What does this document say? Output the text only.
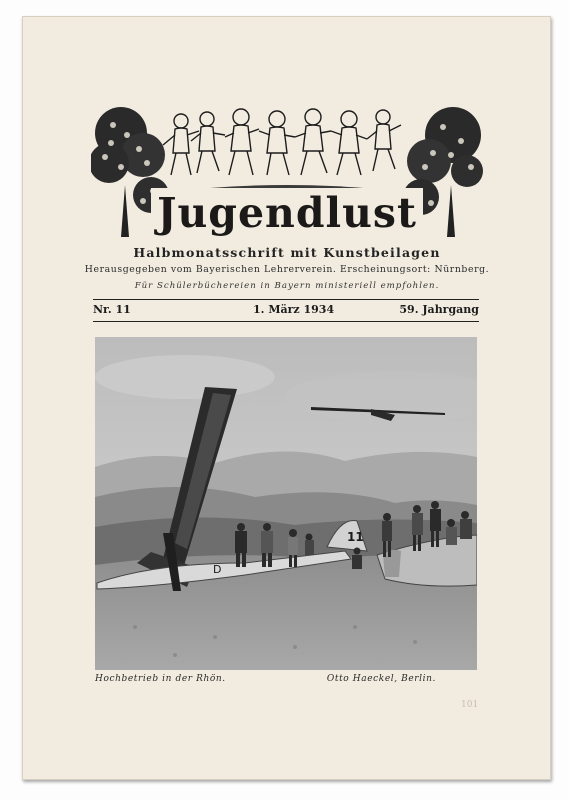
Jugendlust
Halbmonatsschrift mit Kunstbeilagen
Herausgegeben vom Bayerischen Lehrerverein. Erscheinungsort: Nürnberg.
Für Schülerbüchereien in Bayern ministeriell empfohlen.
Nr. 11	1. März 1934	59. Jahrgang
D
11
Hochbetrieb in der Rhön.	Otto Haeckel, Berlin.
101
